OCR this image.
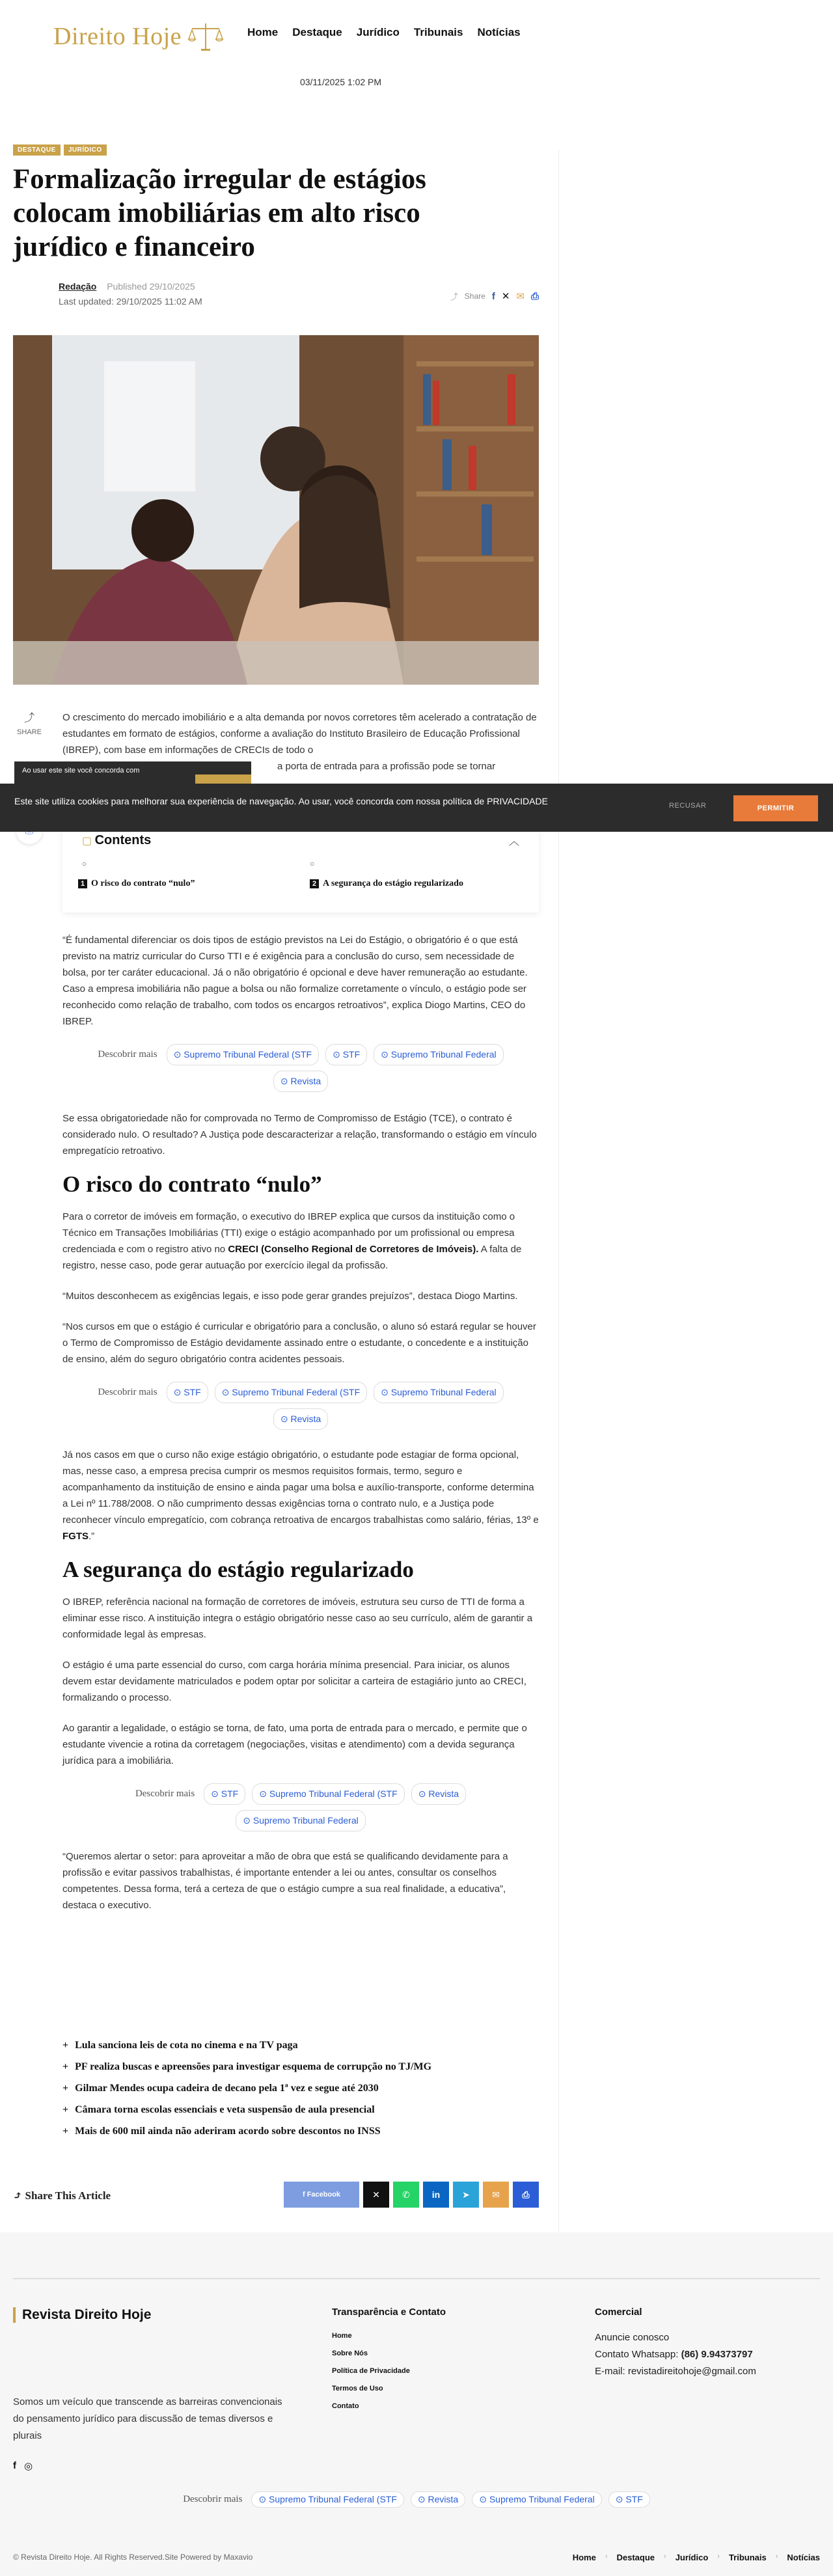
Direito Hoje	Home Destaque Jurídico Tribunais Notícias
03/11/2025 1:02 PM
DESTAQUE	JURÍDICO
Formalização irregular de estágios colocam imobiliárias em alto risco jurídico e financeiro
Redação Published 29/10/2025
Last updated: 29/10/2025 11:02 AM	⤴ Share f ✕ ✉ ⎙
⤴
SHARE

O crescimento do mercado imobiliário e a alta demanda por novos corretores têm acelerado a contratação de estudantes em formato de estágios, conforme a avaliação do Instituto Brasileiro de Educação Profissional (IBREP), com base em informações de CRECIs de todo o
a porta de entrada para a profissão pode se tornar

▢ Contents	︿
○	○
1 O risco do contrato “nulo”	2 A segurança do estágio regularizado

“É fundamental diferenciar os dois tipos de estágio previstos na Lei do Estágio, o obrigatório é o que está previsto na matriz curricular do Curso TTI e é exigência para a conclusão do curso, sem necessidade de bolsa, por ter caráter educacional. Já o não obrigatório é opcional e deve haver remuneração ao estudante. Caso a empresa imobiliária não pague a bolsa ou não formalize corretamente o vínculo, o estágio pode ser reconhecido como relação de trabalho, com todos os encargos retroativos”, explica Diogo Martins, CEO do IBREP.

Descobrir mais	⊙ Supremo Tribunal Federal (STF	⊙ STF	⊙ Supremo Tribunal Federal
⊙ Revista

Se essa obrigatoriedade não for comprovada no Termo de Compromisso de Estágio (TCE), o contrato é considerado nulo. O resultado? A Justiça pode descaracterizar a relação, transformando o estágio em vínculo empregatício retroativo.

O risco do contrato “nulo”

Para o corretor de imóveis em formação, o executivo do IBREP explica que cursos da instituição como o Técnico em Transações Imobiliárias (TTI) exige o estágio acompanhado por um profissional ou empresa credenciada e com o registro ativo no CRECI (Conselho Regional de Corretores de Imóveis). A falta de registro, nesse caso, pode gerar autuação por exercício ilegal da profissão.

“Muitos desconhecem as exigências legais, e isso pode gerar grandes prejuízos”, destaca Diogo Martins.

“Nos cursos em que o estágio é curricular e obrigatório para a conclusão, o aluno só estará regular se houver o Termo de Compromisso de Estágio devidamente assinado entre o estudante, o concedente e a instituição de ensino, além do seguro obrigatório contra acidentes pessoais.

Descobrir mais	⊙ STF	⊙ Supremo Tribunal Federal (STF	⊙ Supremo Tribunal Federal
⊙ Revista

Já nos casos em que o curso não exige estágio obrigatório, o estudante pode estagiar de forma opcional, mas, nesse caso, a empresa precisa cumprir os mesmos requisitos formais, termo, seguro e acompanhamento da instituição de ensino e ainda pagar uma bolsa e auxílio-transporte, conforme determina a Lei nº 11.788/2008. O não cumprimento dessas exigências torna o contrato nulo, e a Justiça pode reconhecer vínculo empregatício, com cobrança retroativa de encargos trabalhistas como salário, férias, 13º e FGTS.”

A segurança do estágio regularizado

O IBREP, referência nacional na formação de corretores de imóveis, estrutura seu curso de TTI de forma a eliminar esse risco. A instituição integra o estágio obrigatório nesse caso ao seu currículo, além de garantir a conformidade legal às empresas.

O estágio é uma parte essencial do curso, com carga horária mínima presencial. Para iniciar, os alunos devem estar devidamente matriculados e podem optar por solicitar a carteira de estagiário junto ao CRECI, formalizando o processo.

Ao garantir a legalidade, o estágio se torna, de fato, uma porta de entrada para o mercado, e permite que o estudante vivencie a rotina da corretagem (negociações, visitas e atendimento) com a devida segurança jurídica para a imobiliária.

Descobrir mais	⊙ STF	⊙ Supremo Tribunal Federal (STF	⊙ Revista
⊙ Supremo Tribunal Federal

“Queremos alertar o setor: para aproveitar a mão de obra que está se qualificando devidamente para a profissão e evitar passivos trabalhistas, é importante entender a lei ou antes, consultar os conselhos competentes. Dessa forma, terá a certeza de que o estágio cumpre a sua real finalidade, a educativa”, destaca o executivo.

+ Lula sanciona leis de cota no cinema e na TV paga
+ PF realiza buscas e apreensões para investigar esquema de corrupção no TJ/MG
+ Gilmar Mendes ocupa cadeira de decano pela 1ª vez e segue até 2030
+ Câmara torna escolas essenciais e veta suspensão de aula presencial
+ Mais de 600 mil ainda não aderiram acordo sobre descontos no INSS
⤴ Share This Article	f Facebook	✕ ✆ in ➤ ✉ ⎙
Ao usar este site você concorda com
Este site utiliza cookies para melhorar sua experiência de navegação. Ao usar, você concorda com nossa política de PRIVACIDADE	RECUSAR	PERMITIR
Revista Direito Hoje
Somos um veículo que transcende as barreiras convencionais do pensamento jurídico para discussão de temas diversos e plurais
f ◎
Transparência e Contato
Home
Sobre Nós
Política de Privacidade
Termos de Uso
Contato
Comercial
Anuncie conosco
Contato Whatsapp: (86) 9.94373797
E-mail: revistadireitohoje@gmail.com
Descobrir mais	⊙ Supremo Tribunal Federal (STF	⊙ Revista	⊙ Supremo Tribunal Federal	⊙ STF
© Revista Direito Hoje. All Rights Reserved.Site Powered by Maxavio	Home › Destaque › Jurídico › Tribunais › Notícias
